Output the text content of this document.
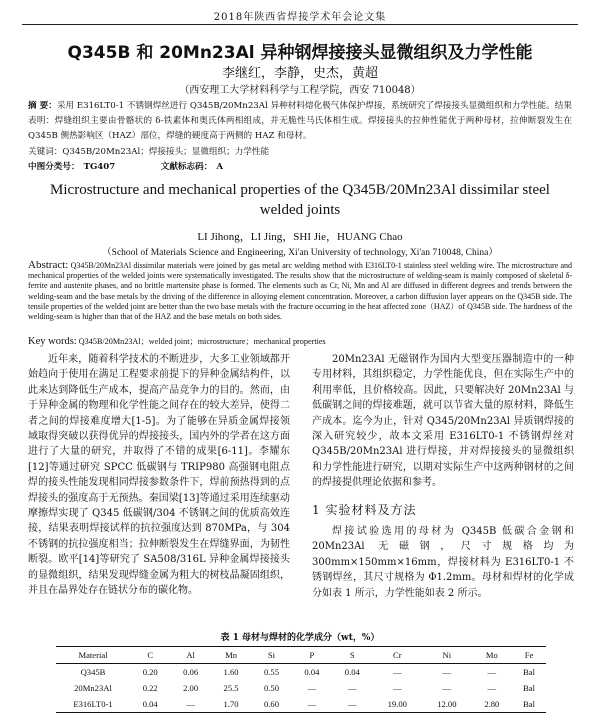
2018年陕西省焊接学术年会论文集
Q345B 和 20Mn23Al 异种钢焊接接头显微组织及力学性能
李继红，李静，史杰，黄超
（西安理工大学材料科学与工程学院，西安 710048）
摘 要：采用 E316LT0-1 不锈钢焊丝进行 Q345B/20Mn23Al 异种材料熔化极气体保护焊接，系统研究了焊接接头显微组织和力学性能。结果表明：焊缝组织主要由骨骼状的 δ-铁素体和奥氏体两相组成，并无脆性马氏体相生成。焊接接头的拉伸性能优于两种母材，拉伸断裂发生在 Q345B 侧热影响区（HAZ）部位，焊缝的硬度高于两侧的 HAZ 和母材。
关键词：Q345B/20Mn23Al；焊接接头；显微组织；力学性能
中图分类号： TG407	文献标志码： A
Microstructure and mechanical properties of the Q345B/20Mn23Al dissimilar steel welded joints
LI Jihong，LI Jing，SHI Jie，HUANG Chao
（School of Materials Science and Engineering, Xi'an University of technology, Xi'an 710048, China）
Abstract: Q345B/20Mn23Al dissimilar materials were joined by gas metal arc welding method with E316LT0-1 stainless steel welding wire. The microstructure and mechanical properties of the welded joints were systematically investigated. The results show that the microstructure of welding-seam is mainly composed of skeletal δ-ferrite and austenite phases, and no brittle martensite phase is formed. The elements such as Cr, Ni, Mn and Al are diffused in different degrees and trends between the welding-seam and the base metals by the driving of the difference in alloying element concentration. Moreover, a carbon diffusion layer appears on the Q345B side. The tensile properties of the welded joint are better than the two base metals with the fracture occurring in the heat affected zone（HAZ）of Q345B side. The hardness of the welding-seam is higher than that of the HAZ and the base metals on both sides.
Key words: Q345B/20Mn23Al；welded joint；microstructure；mechanical properties

近年来，随着科学技术的不断进步，大多工业领域都开始趋向于使用在满足工程要求前提下的异种金属结构件，以此来达到降低生产成本，提高产品竞争力的目的。然而，由于异种金属的物理和化学性能之间存在的较大差异，使得二者之间的焊接难度增大[1-5]。为了能够在异质金属焊接领域取得突破以获得优异的焊接接头，国内外的学者在这方面进行了大量的研究，并取得了不错的成果[6-11]。李耀东[12]等通过研究 SPCC 低碳钢与 TRIP980 高强钢电阻点焊的接头性能发现相同焊接参数条件下，焊前预热得到的点焊接头的强度高于无预热。秦国梁[13]等通过采用连续驱动摩擦焊实现了 Q345 低碳钢/304 不锈钢之间的优质高效连接，结果表明焊接试样的抗拉强度达到 870MPa，与 304 不锈钢的抗拉强度相当；拉伸断裂发生在焊缝界面，为韧性断裂。欧平[14]等研究了 SA508/316L 异种金属焊接接头的显微组织，结果发现焊缝金属为粗大的树枝晶凝固组织，并且在晶界处存在链状分布的碳化物。

20Mn23Al 无磁钢作为国内大型变压器制造中的一种专用材料，其组织稳定，力学性能优良，但在实际生产中的利用率低，且价格较高。因此，只要解决好 20Mn23Al 与低碳钢之间的焊接难题，就可以节省大量的原材料，降低生产成本。迄今为止，针对 Q345/20Mn23Al 异质钢焊接的深入研究较少，故本文采用 E316LT0-1 不锈钢焊丝对 Q345B/20Mn23Al 进行焊接，并对焊接接头的显微组织和力学性能进行研究，以期对实际生产中这两种钢材的之间的焊接提供理论依据和参考。

1 实验材料及方法

焊接试验选用的母材为 Q345B 低碳合金钢和 20Mn23Al 无磁钢，尺寸规格均为 300mm×150mm×16mm，焊接材料为 E316LT0-1 不锈钢焊丝，其尺寸规格为 Φ1.2mm。母材和焊材的化学成分如表 1 所示，力学性能如表 2 所示。

表 1 母材与焊材的化学成分（wt，%）
Material	C	Al	Mn	Si	P	S	Cr	Ni	Mo	Fe
Q345B	0.20	0.06	1.60	0.55	0.04	0.04	—	—	—	Bal
20Mn23Al	0.22	2.00	25.5	0.50	—	—	—	—	—	Bal
E316LT0-1	0.04	—	1.70	0.60	—	—	19.00	12.00	2.80	Bal
